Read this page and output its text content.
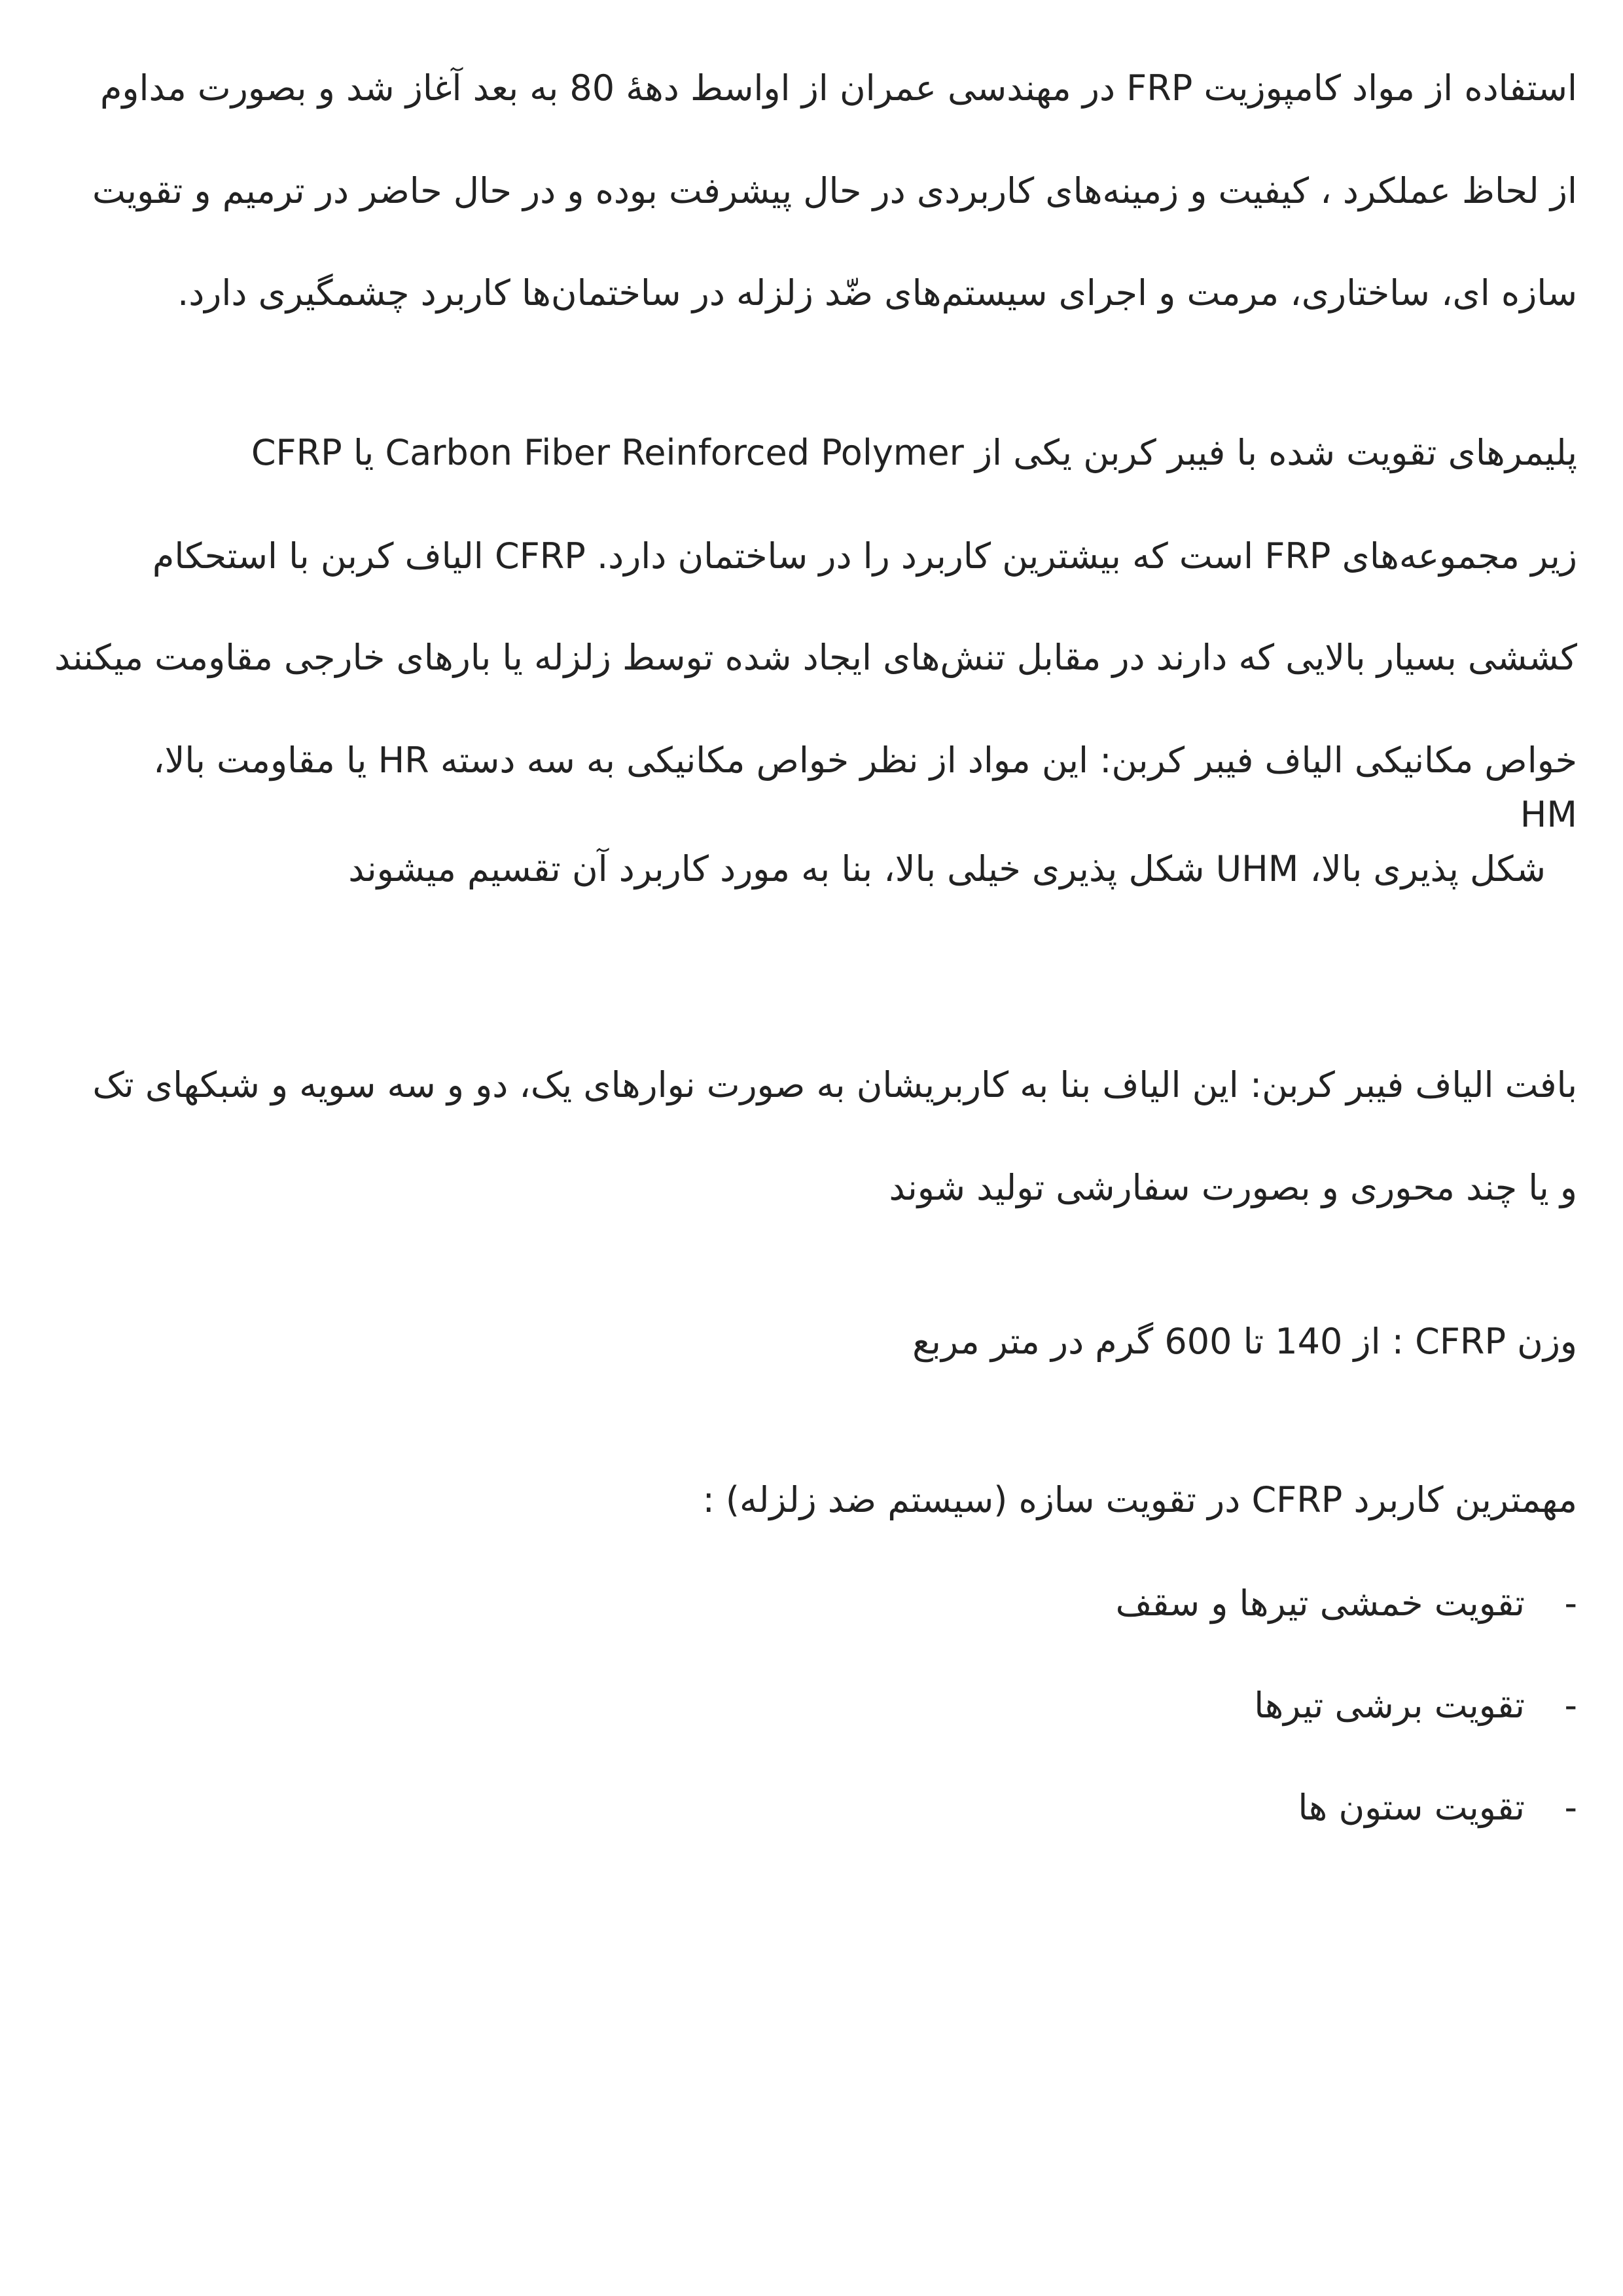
استفاده از مواد کامپوزیت FRP در مهندسی عمران از اواسط دهۀ 80 به بعد آغاز شد و بصورت مداوم
از لحاظ عملکرد ، کیفیت و زمینه‌های کاربردی در حال پیشرفت بوده و در حال حاضر در ترمیم و تقویت
سازه ای، ساختاری، مرمت و اجرای سیستم‌های ضّد زلزله در ساختمان‌ها کاربرد چشمگیری دارد.
CFRP یا Carbon Fiber Reinforced Polymer پلیمرهای تقویت شده با فیبر کربن یکی از
زیر مجموعه‌های FRP است که بیشترین کاربرد را در ساختمان دارد. CFRP الیاف کربن با استحکام
کششی بسیار بالایی که دارند در مقابل تنش‌های ایجاد شده توسط زلزله یا بارهای خارجی مقاومت میکنند
خواص مکانیکی الیاف فیبر کربن: این مواد از نظر خواص مکانیکی به سه دسته HR یا مقاومت بالا،
HM
شکل پذیری بالا، UHM شکل پذیری خیلی بالا، بنا به مورد کاربرد آن تقسیم میشوند
بافت الیاف فیبر کربن: این الیاف بنا به کاربریشان به صورت نوارهای یک، دو و سه سویه و شبکهای تک
و یا چند محوری و بصورت سفارشی تولید شوند
وزن CFRP : از 140 تا 600 گرم در متر مربع
مهمترین کاربرد CFRP در تقویت سازه (سیستم ضد زلزله) :
-تقویت خمشی تیرها و سقف
-تقویت برشی تیرها
-تقویت ستون ها
